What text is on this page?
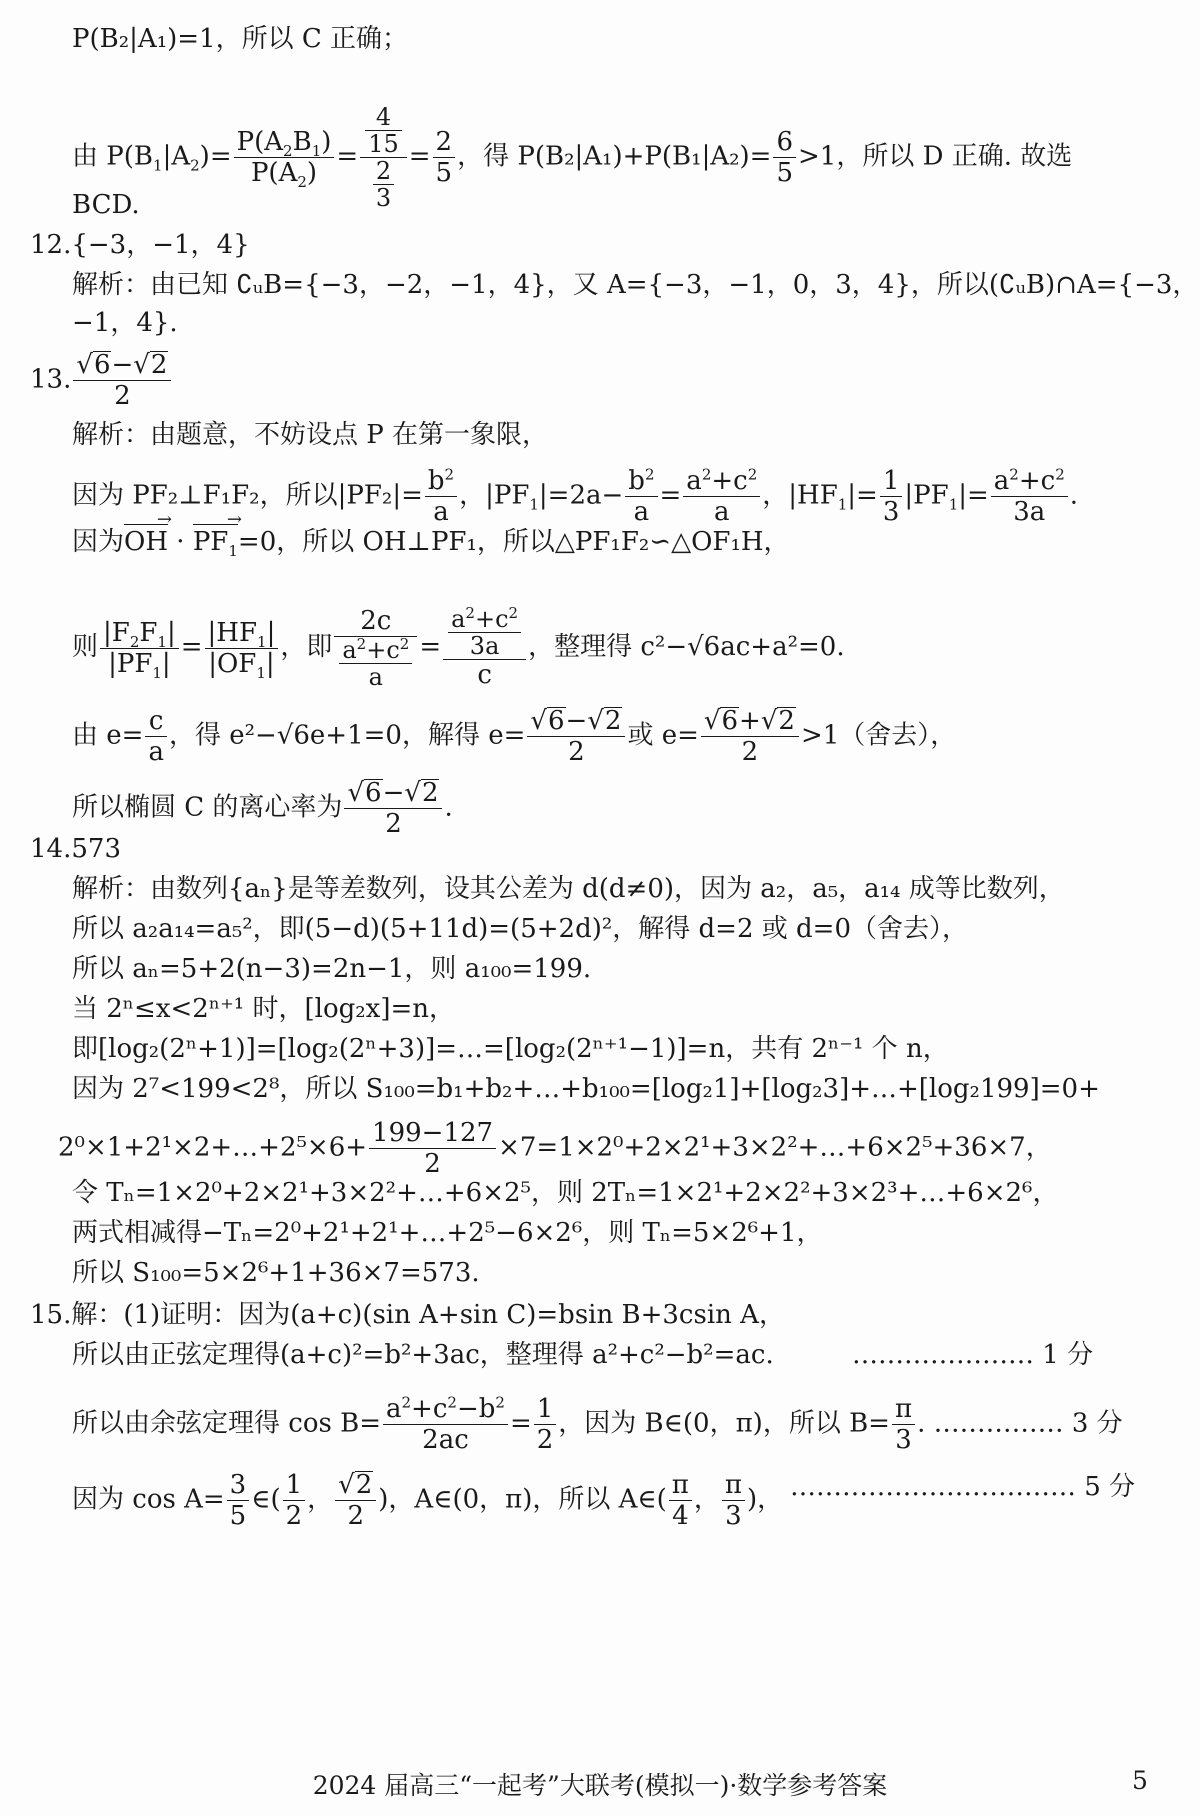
P(B₂|A₁)=1，所以 C 正确；
由 $P(B_1|A_2)= \frac{P(A_2B_1)}{P(A_2)} = \frac{\frac{4}{15}}{\frac{2}{3}} = \frac{2}{5}$ ，得 $P(B_2|A_1)+P(B_1|A_2)= \frac{6}{5} >1$，所以 D 正确. 故选
BCD.
12.{−3，−1，4}
解析：由已知 ∁ᵤB={−3，−2，−1，4}，又 A={−3，−1，0，3，4}，所以(∁ᵤB)∩A={−3，
−1，4}.
13. √ $\frac{6- √ 2}{2}$
解析：由题意，不妨设点 P 在第一象限，
因为 PF₂⊥F₁F₂，所以$|PF_2|= \frac{b^2}{a}$ ，$|PF_1|=2a- \frac{b^2}{a} = \frac{a^2+c^2}{a}$ ，$|HF_1|= \frac{1}{3} |PF_1|= \frac{a^2+c^2}{3a}$ .
因为OH → · $PF_1 \to=0$，所以 OH⊥PF₁，所以△PF₁F₂∽△OF₁H，
则 $\frac{|F_2F_1|}{|PF_1|} = \frac{|HF_1|}{|OF_1|}$ ，即 $\frac{2c}{\frac{a^2+c^2}{a}} = \frac{\frac{a^2+c^2}{3a}}{c}$ ，整理得 c²−√6ac+a²=0.
由 $e= \frac{c}{a}$ ，得 e²−√6e+1=0，解得 e= √ $\frac{6- √ 2}{2}$ 或 e= √ $\frac{6+ √ 2}{2} >1$（舍去），
所以椭圆 C 的离心率为 √ $\frac{6- √ 2}{2}$ .
14.573
解析：由数列{aₙ}是等差数列，设其公差为 d(d≠0)，因为 a₂，a₅，a₁₄ 成等比数列，
所以 a₂a₁₄=a₅²，即(5−d)(5+11d)=(5+2d)²，解得 d=2 或 d=0（舍去），
所以 aₙ=5+2(n−3)=2n−1，则 a₁₀₀=199.
当 2ⁿ≤x<2ⁿ⁺¹ 时，[log₂x]=n，
即[log₂(2ⁿ+1)]=[log₂(2ⁿ+3)]=…=[log₂(2ⁿ⁺¹−1)]=n，共有 2ⁿ⁻¹ 个 n，
因为 2⁷<199<2⁸，所以 S₁₀₀=b₁+b₂+…+b₁₀₀=[log₂1]+[log₂3]+…+[log₂199]=0+
2⁰×1+2¹×2+…+2⁵×6+ $\frac{199-127}{2}$ ×7=1×2⁰+2×2¹+3×2²+…+6×2⁵+36×7，
令 Tₙ=1×2⁰+2×2¹+3×2²+…+6×2⁵，则 2Tₙ=1×2¹+2×2²+3×2³+…+6×2⁶，
两式相减得−Tₙ=2⁰+2¹+2¹+…+2⁵−6×2⁶，则 Tₙ=5×2⁶+1，
所以 S₁₀₀=5×2⁶+1+36×7=573.
15.解：(1)证明：因为(a+c)(sin A+sin C)=bsin B+3csin A，
所以由正弦定理得(a+c)²=b²+3ac，整理得 a²+c²−b²=ac.	………………… 1 分
所以由余弦定理得 $\cos B= \frac{a^2+c^2-b^2}{2ac} = \frac{1}{2}$ ，因为 B∈(0，π)，所以 $B= \frac{\pi}{3}$ . …………… 3 分
因为 $\cos A= \frac{3}{5}$ ∈( $\frac{1}{2}$ ， √ $\frac{2}{2}$ )，A∈(0，π)，所以 A∈( $\frac{\pi}{4}$ ， $\frac{\pi}{3}$ )， …………………………… 5 分
2024 届高三“一起考”大联考(模拟一)·数学参考答案	5
